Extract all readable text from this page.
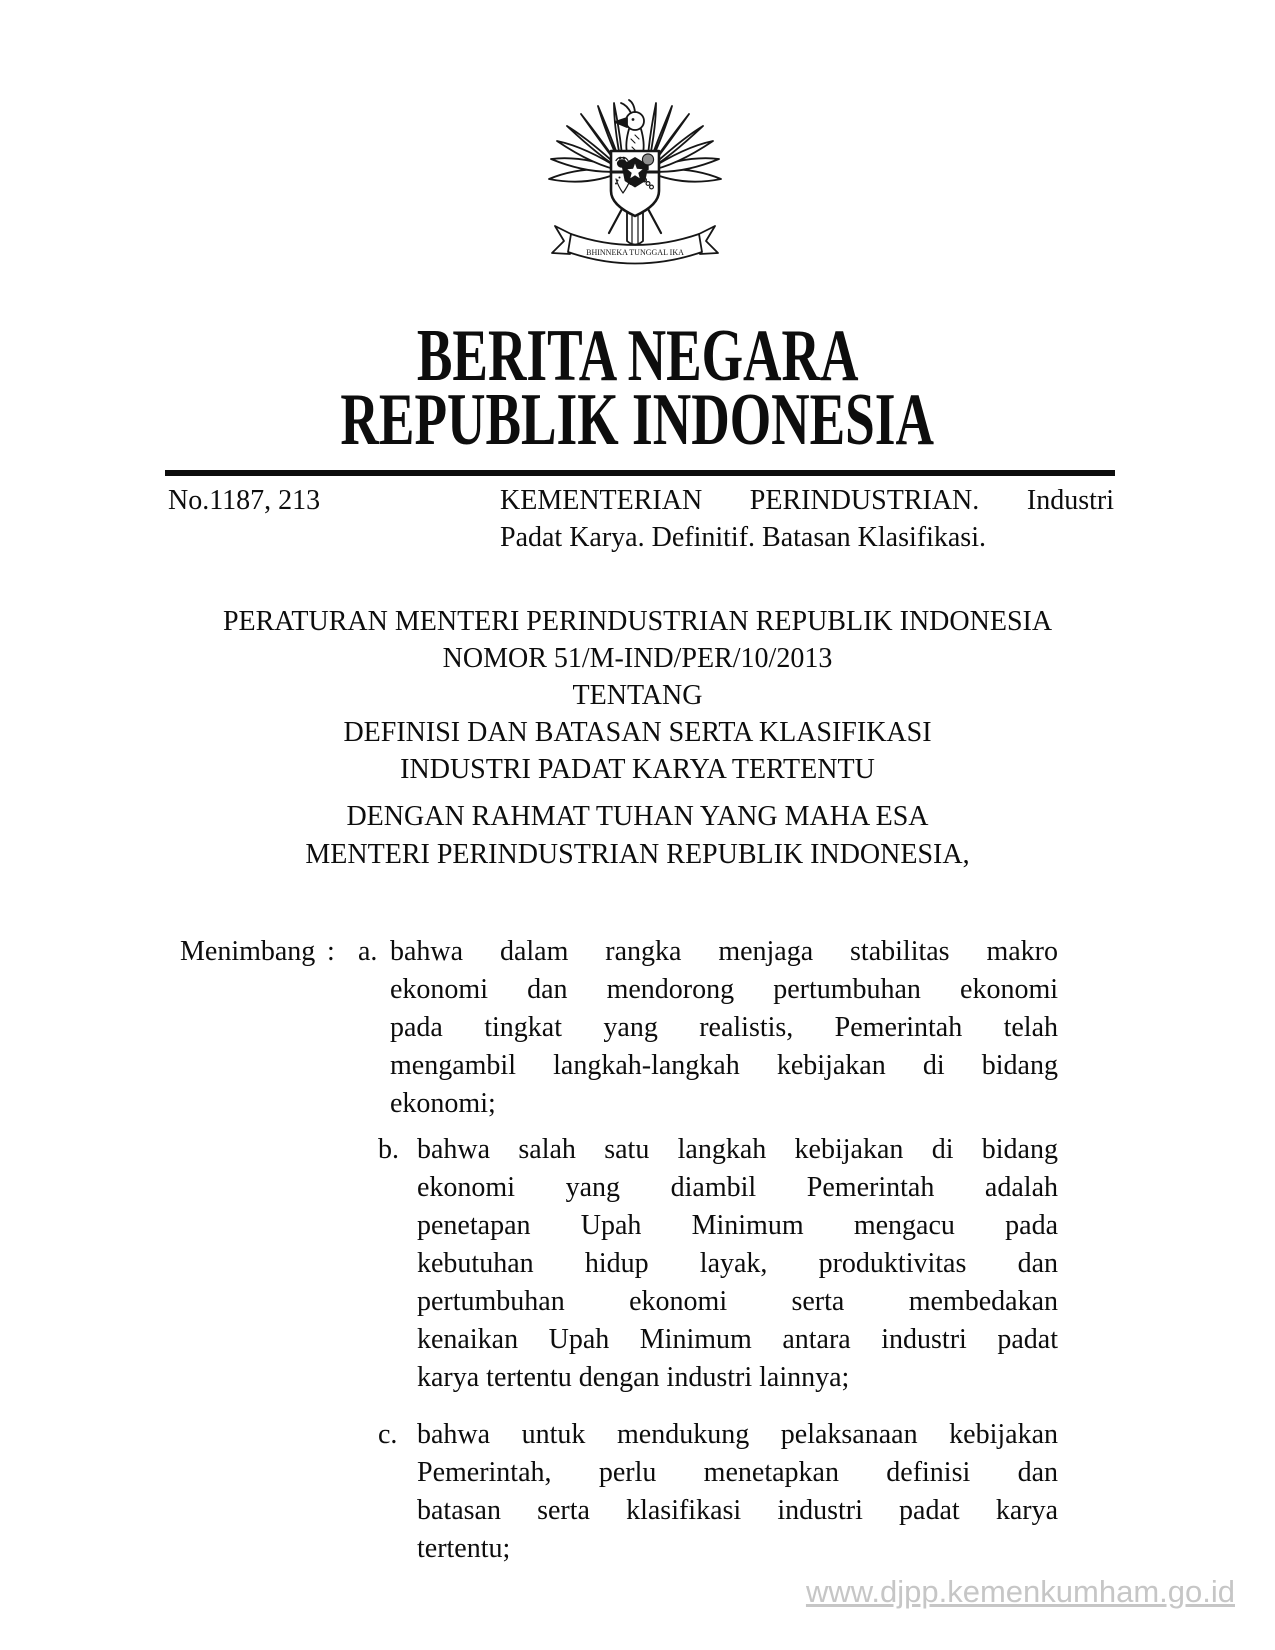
BHINNEKA TUNGGAL IKA
BERITA NEGARA
REPUBLIK INDONESIA
No.1187, 213	KEMENTERIAN PERINDUSTRIAN. Industri
Padat Karya. Definitif. Batasan Klasifikasi.
PERATURAN MENTERI PERINDUSTRIAN REPUBLIK INDONESIA
NOMOR 51/M-IND/PER/10/2013
TENTANG
DEFINISI DAN BATASAN SERTA KLASIFIKASI
INDUSTRI PADAT KARYA TERTENTU
DENGAN RAHMAT TUHAN YANG MAHA ESA
MENTERI PERINDUSTRIAN REPUBLIK INDONESIA,
Menimbang : a. bahwa dalam rangka menjaga stabilitas makro
ekonomi dan mendorong pertumbuhan ekonomi
pada tingkat yang realistis, Pemerintah telah
mengambil langkah-langkah kebijakan di bidang
ekonomi;
b. bahwa salah satu langkah kebijakan di bidang
ekonomi yang diambil Pemerintah adalah
penetapan Upah Minimum mengacu pada
kebutuhan hidup layak, produktivitas dan
pertumbuhan ekonomi serta membedakan
kenaikan Upah Minimum antara industri padat
karya tertentu dengan industri lainnya;
c. bahwa untuk mendukung pelaksanaan kebijakan
Pemerintah, perlu menetapkan definisi dan
batasan serta klasifikasi industri padat karya
tertentu;
www.djpp.kemenkumham.go.id
